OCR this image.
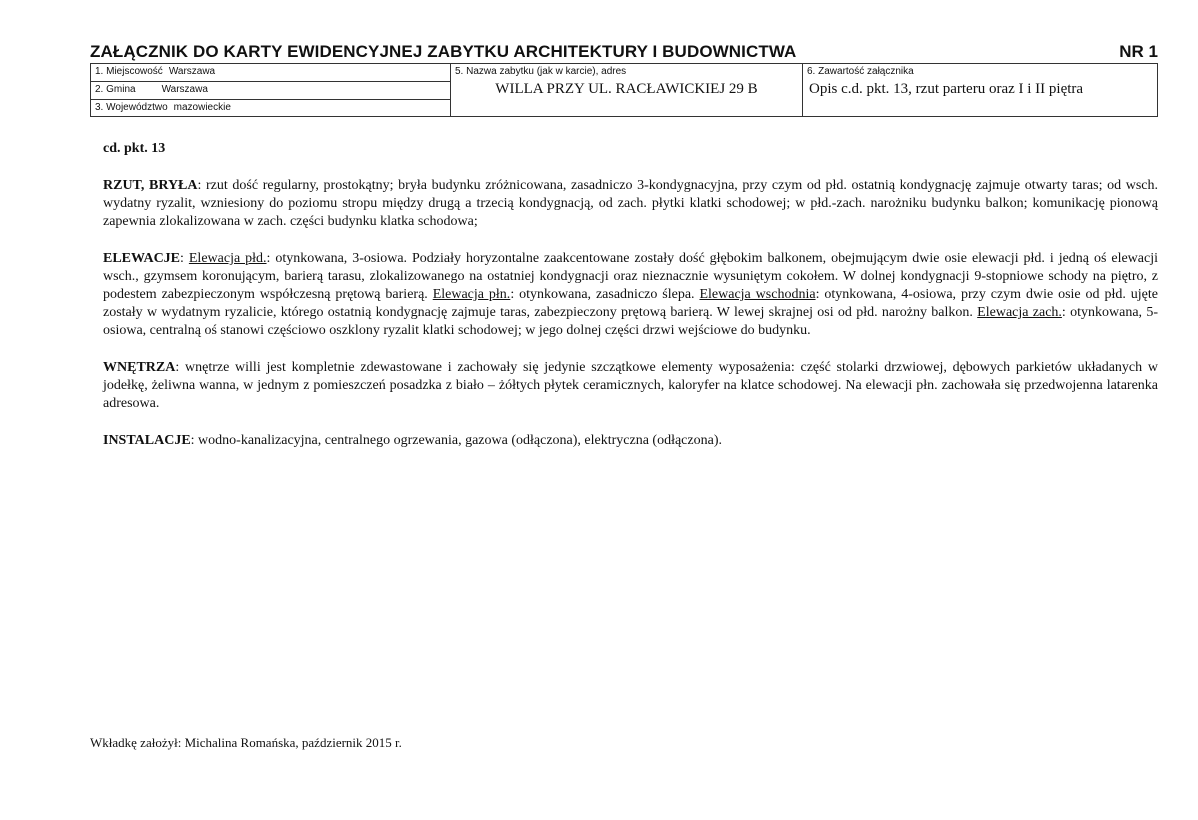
ZAŁĄCZNIK DO KARTY EWIDENCYJNEJ ZABYTKU ARCHITEKTURY I BUDOWNICTWA	NR 1
1. Miejscowość Warszawa
2. Gmina	Warszawa
3. Województwo mazowieckie
5. Nazwa zabytku (jak w karcie), adres
WILLA PRZY UL. RACŁAWICKIEJ 29 B
6. Zawartość załącznika
Opis c.d. pkt. 13, rzut parteru oraz I i II piętra

cd. pkt. 13

RZUT, BRYŁA: rzut dość regularny, prostokątny; bryła budynku zróżnicowana, zasadniczo 3-kondygnacyjna, przy czym od płd. ostatnią kondygnację zajmuje otwarty taras; od wsch. wydatny ryzalit, wzniesiony do poziomu stropu między drugą a trzecią kondygnacją, od zach. płytki klatki schodowej; w płd.-zach. narożniku budynku balkon; komunikację pionową zapewnia zlokalizowana w zach. części budynku klatka schodowa;

ELEWACJE: Elewacja płd.: otynkowana, 3-osiowa. Podziały horyzontalne zaakcentowane zostały dość głębokim balkonem, obejmującym dwie osie elewacji płd. i jedną oś elewacji wsch., gzymsem koronującym, barierą tarasu, zlokalizowanego na ostatniej kondygnacji oraz nieznacznie wysuniętym cokołem. W dolnej kondygnacji 9-stopniowe schody na piętro, z podestem zabezpieczonym współczesną prętową barierą. Elewacja płn.: otynkowana, zasadniczo ślepa. Elewacja wschodnia: otynkowana, 4-osiowa, przy czym dwie osie od płd. ujęte zostały w wydatnym ryzalicie, którego ostatnią kondygnację zajmuje taras, zabezpieczony prętową barierą. W lewej skrajnej osi od płd. narożny balkon. Elewacja zach.: otynkowana, 5-osiowa, centralną oś stanowi częściowo oszklony ryzalit klatki schodowej; w jego dolnej części drzwi wejściowe do budynku.

WNĘTRZA: wnętrze willi jest kompletnie zdewastowane i zachowały się jedynie szczątkowe elementy wyposażenia: część stolarki drzwiowej, dębowych parkietów układanych w jodełkę, żeliwna wanna, w jednym z pomieszczeń posadzka z biało – żółtych płytek ceramicznych, kaloryfer na klatce schodowej. Na elewacji płn. zachowała się przedwojenna latarenka adresowa.

INSTALACJE: wodno-kanalizacyjna, centralnego ogrzewania, gazowa (odłączona), elektryczna (odłączona).

Wkładkę założył: Michalina Romańska, październik 2015 r.
